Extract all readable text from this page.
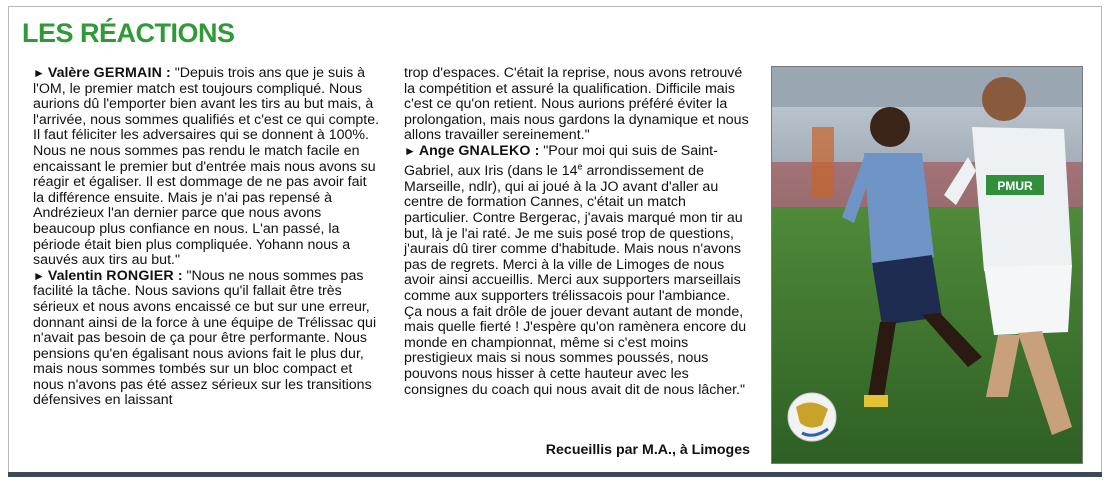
LES RÉACTIONS
► Valère GERMAIN : "Depuis trois ans que je suis à l'OM, le premier match est toujours compliqué. Nous aurions dû l'emporter bien avant les tirs au but mais, à l'arrivée, nous sommes qualifiés et c'est ce qui compte. Il faut féliciter les adversaires qui se donnent à 100%. Nous ne nous sommes pas rendu le match facile en encaissant le premier but d'entrée mais nous avons su réagir et égaliser. Il est dommage de ne pas avoir fait la différence ensuite. Mais je n'ai pas repensé à Andrézieux l'an dernier parce que nous avons beaucoup plus confiance en nous. L'an passé, la période était bien plus compliquée. Yohann nous a sauvés aux tirs au but."
► Valentin RONGIER : "Nous ne nous sommes pas facilité la tâche. Nous savions qu'il fallait être très sérieux et nous avons encaissé ce but sur une erreur, donnant ainsi de la force à une équipe de Trélissac qui n'avait pas besoin de ça pour être performante. Nous pensions qu'en égalisant nous avions fait le plus dur, mais nous sommes tombés sur un bloc compact et nous n'avons pas été assez sérieux sur les transitions défensives en laissant
trop d'espaces. C'était la reprise, nous avons retrouvé la compétition et assuré la qualification. Difficile mais c'est ce qu'on retient. Nous aurions préféré éviter la prolongation, mais nous gardons la dynamique et nous allons travailler sereinement."
► Ange GNALEKO : "Pour moi qui suis de Saint-Gabriel, aux Iris (dans le 14e arrondissement de Marseille, ndlr), qui ai joué à la JO avant d'aller au centre de formation Cannes, c'était un match particulier. Contre Bergerac, j'avais marqué mon tir au but, là je l'ai raté. Je me suis posé trop de questions, j'aurais dû tirer comme d'habitude. Mais nous n'avons pas de regrets. Merci à la ville de Limoges de nous avoir ainsi accueillis. Merci aux supporters marseillais comme aux supporters trélissacois pour l'ambiance. Ça nous a fait drôle de jouer devant autant de monde, mais quelle fierté ! J'espère qu'on ramènera encore du monde en championnat, même si c'est moins prestigieux mais si nous sommes poussés, nous pouvons nous hisser à cette hauteur avec les consignes du coach qui nous avait dit de nous lâcher."
Recueillis par M.A., à Limoges
PMUR
